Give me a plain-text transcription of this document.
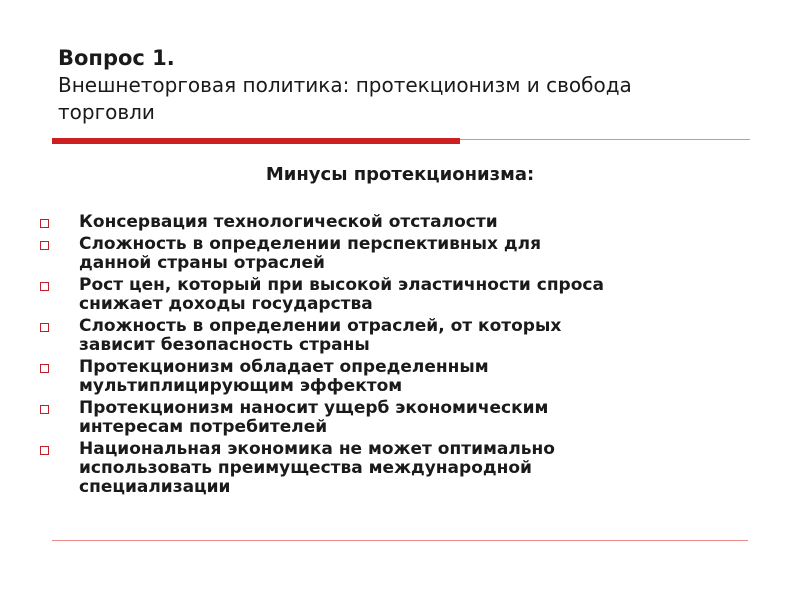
Вопрос 1.
Внешнеторговая политика: протекционизм и свобода
торговли
Минусы протекционизма:
Консервация технологической отсталости
Сложность в определении перспективных для
данной страны отраслей
Рост цен, который при высокой эластичности спроса
снижает доходы государства
Сложность в определении отраслей, от которых
зависит безопасность страны
Протекционизм обладает определенным
мультиплицирующим эффектом
Протекционизм наносит ущерб экономическим
интересам потребителей
Национальная экономика не может оптимально
использовать преимущества международной
специализации
